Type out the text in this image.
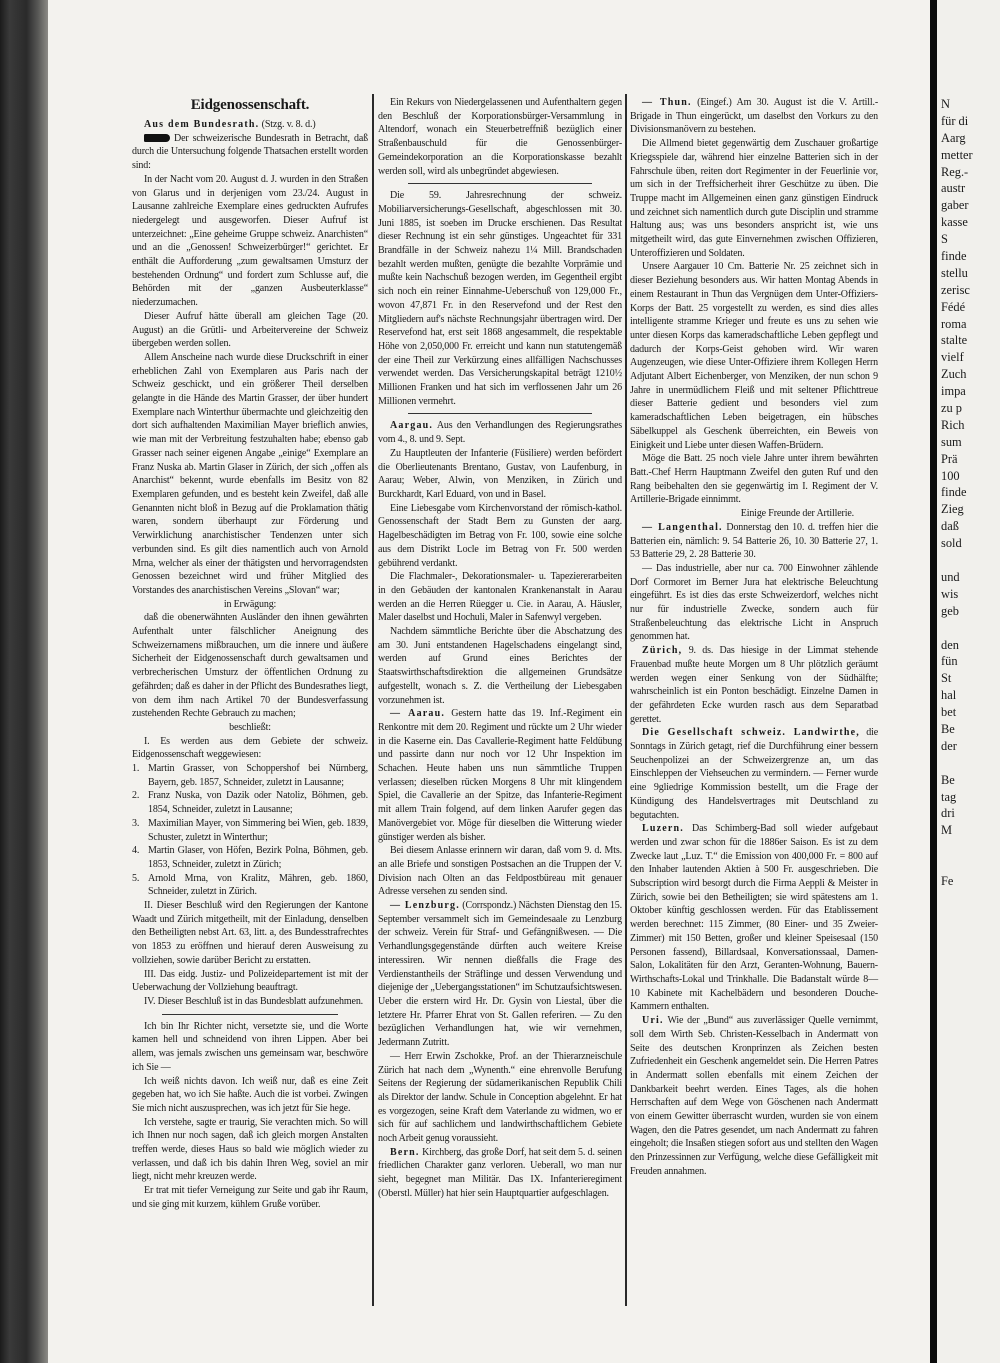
Eidgenossenschaft.

Aus dem Bundesrath. (Stzg. v. 8. d.)

Der schweizerische Bundesrath in Betracht, daß durch die Untersuchung folgende Thatsachen erstellt worden sind:

In der Nacht vom 20. August d. J. wurden in den Straßen von Glarus und in derjenigen vom 23./24. August in Lausanne zahlreiche Exemplare eines gedruckten Aufrufes niedergelegt und ausgeworfen. Dieser Aufruf ist unterzeichnet: „Eine geheime Gruppe schweiz. Anarchisten“ und an die „Genossen! Schweizerbürger!“ gerichtet. Er enthält die Aufforderung „zum gewaltsamen Umsturz der bestehenden Ordnung“ und fordert zum Schlusse auf, die Behörden mit der „ganzen Ausbeuterklasse“ niederzumachen.

Dieser Aufruf hätte überall am gleichen Tage (20. August) an die Grütli- und Arbeitervereine der Schweiz übergeben werden sollen.

Allem Anscheine nach wurde diese Druckschrift in einer erheblichen Zahl von Exemplaren aus Paris nach der Schweiz geschickt, und ein größerer Theil derselben gelangte in die Hände des Martin Grasser, der über hundert Exemplare nach Winterthur übermachte und gleichzeitig den dort sich aufhaltenden Maximilian Mayer brieflich anwies, wie man mit der Verbreitung festzuhalten habe; ebenso gab Grasser nach seiner eigenen Angabe „einige“ Exemplare an Franz Nuska ab. Martin Glaser in Zürich, der sich „offen als Anarchist“ bekennt, wurde ebenfalls im Besitz von 82 Exemplaren gefunden, und es besteht kein Zweifel, daß alle Genannten nicht bloß in Bezug auf die Proklamation thätig waren, sondern überhaupt zur Förderung und Verwirklichung anarchistischer Tendenzen unter sich verbunden sind. Es gilt dies namentlich auch von Arnold Mrna, welcher als einer der thätigsten und hervorragendsten Genossen bezeichnet wird und früher Mitglied des Vorstandes des anarchistischen Vereins „Slovan“ war;

in Erwägung:

daß die obenerwähnten Ausländer den ihnen gewährten Aufenthalt unter fälschlicher Aneignung des Schweizernamens mißbrauchen, um die innere und äußere Sicherheit der Eidgenossenschaft durch gewaltsamen und verbrecherischen Umsturz der öffentlichen Ordnung zu gefährden; daß es daher in der Pflicht des Bundesrathes liegt, von dem ihm nach Artikel 70 der Bundesverfassung zustehenden Rechte Gebrauch zu machen;

beschließt:

I. Es werden aus dem Gebiete der schweiz. Eidgenossenschaft weggewiesen:

1. Martin Grasser, von Schoppershof bei Nürnberg, Bayern, geb. 1857, Schneider, zuletzt in Lausanne;

2. Franz Nuska, von Dazik oder Natoliz, Böhmen, geb. 1854, Schneider, zuletzt in Lausanne;

3. Maximilian Mayer, von Simmering bei Wien, geb. 1839, Schuster, zuletzt in Winterthur;

4. Martin Glaser, von Höfen, Bezirk Polna, Böhmen, geb. 1853, Schneider, zuletzt in Zürich;

5. Arnold Mrna, von Kralitz, Mähren, geb. 1860, Schneider, zuletzt in Zürich.

II. Dieser Beschluß wird den Regierungen der Kantone Waadt und Zürich mitgetheilt, mit der Einladung, denselben den Betheiligten nebst Art. 63, litt. a, des Bundesstrafrechtes von 1853 zu eröffnen und hierauf deren Ausweisung zu vollziehen, sowie darüber Bericht zu erstatten.

III. Das eidg. Justiz- und Polizeidepartement ist mit der Ueberwachung der Vollziehung beauftragt.

IV. Dieser Beschluß ist in das Bundesblatt aufzunehmen.

Ich bin Ihr Richter nicht, versetzte sie, und die Worte kamen hell und schneidend von ihren Lippen. Aber bei allem, was jemals zwischen uns gemeinsam war, beschwöre ich Sie —

Ich weiß nichts davon. Ich weiß nur, daß es eine Zeit gegeben hat, wo ich Sie haßte. Auch die ist vorbei. Zwingen Sie mich nicht auszusprechen, was ich jetzt für Sie hege.

Ich verstehe, sagte er traurig, Sie verachten mich. So will ich Ihnen nur noch sagen, daß ich gleich morgen Anstalten treffen werde, dieses Haus so bald wie möglich wieder zu verlassen, und daß ich bis dahin Ihren Weg, soviel an mir liegt, nicht mehr kreuzen werde.

Er trat mit tiefer Verneigung zur Seite und gab ihr Raum, und sie ging mit kurzem, kühlem Gruße vorüber.

Ein Rekurs von Niedergelassenen und Aufenthaltern gegen den Beschluß der Korporationsbürger-Versammlung in Altendorf, wonach ein Steuerbetreffniß bezüglich einer Straßenbauschuld für die Genossenbürger-Gemeindekorporation an die Korporationskasse bezahlt werden soll, wird als unbegründet abgewiesen.

Die 59. Jahresrechnung der schweiz. Mobiliarversicherungs-Gesellschaft, abgeschlossen mit 30. Juni 1885, ist soeben im Drucke erschienen. Das Resultat dieser Rechnung ist ein sehr günstiges. Ungeachtet für 331 Brandfälle in der Schweiz nahezu 1¼ Mill. Brandschaden bezahlt werden mußten, genügte die bezahlte Vorprämie und mußte kein Nachschuß bezogen werden, im Gegentheil ergibt sich noch ein reiner Einnahme-Ueberschuß von 129,000 Fr., wovon 47,871 Fr. in den Reservefond und der Rest den Mitgliedern auf's nächste Rechnungsjahr übertragen wird. Der Reservefond hat, erst seit 1868 angesammelt, die respektable Höhe von 2,050,000 Fr. erreicht und kann nun statutengemäß der eine Theil zur Verkürzung eines allfälligen Nachschusses verwendet werden. Das Versicherungskapital beträgt 1210½ Millionen Franken und hat sich im verflossenen Jahr um 26 Millionen vermehrt.

Aargau. Aus den Verhandlungen des Regierungsrathes vom 4., 8. und 9. Sept.

Zu Hauptleuten der Infanterie (Füsiliere) werden befördert die Oberlieutenants Brentano, Gustav, von Laufenburg, in Aarau; Weber, Alwin, von Menziken, in Zürich und Burckhardt, Karl Eduard, von und in Basel.

Eine Liebesgabe vom Kirchenvorstand der römisch-kathol. Genossenschaft der Stadt Bern zu Gunsten der aarg. Hagelbeschädigten im Betrag von Fr. 100, sowie eine solche aus dem Distrikt Locle im Betrag von Fr. 500 werden gebührend verdankt.

Die Flachmaler-, Dekorationsmaler- u. Tapeziererarbeiten in den Gebäuden der kantonalen Krankenanstalt in Aarau werden an die Herren Rüegger u. Cie. in Aarau, A. Häusler, Maler daselbst und Hochuli, Maler in Safenwyl vergeben.

Nachdem sämmtliche Berichte über die Abschatzung des am 30. Juni entstandenen Hagelschadens eingelangt sind, werden auf Grund eines Berichtes der Staatswirthschaftsdirektion die allgemeinen Grundsätze aufgestellt, wonach s. Z. die Vertheilung der Liebesgaben vorzunehmen ist.

— Aarau. Gestern hatte das 19. Inf.-Regiment ein Renkontre mit dem 20. Regiment und rückte um 2 Uhr wieder in die Kaserne ein. Das Cavallerie-Regiment hatte Feldübung und passirte dann nur noch vor 12 Uhr Inspektion im Schachen. Heute haben uns nun sämmtliche Truppen verlassen; dieselben rücken Morgens 8 Uhr mit klingendem Spiel, die Cavallerie an der Spitze, das Infanterie-Regiment mit allem Train folgend, auf dem linken Aarufer gegen das Manövergebiet vor. Möge für dieselben die Witterung wieder günstiger werden als bisher.

Bei diesem Anlasse erinnern wir daran, daß vom 9. d. Mts. an alle Briefe und sonstigen Postsachen an die Truppen der V. Division nach Olten an das Feldpostbüreau mit genauer Adresse versehen zu senden sind.

— Lenzburg. (Corrspondz.) Nächsten Dienstag den 15. September versammelt sich im Gemeindesaale zu Lenzburg der schweiz. Verein für Straf- und Gefängnißwesen. — Die Verhandlungsgegenstände dürften auch weitere Kreise interessiren. Wir nennen dießfalls die Frage des Verdienstantheils der Sträflinge und dessen Verwendung und diejenige der „Uebergangsstationen“ im Schutzaufsichtswesen. Ueber die erstern wird Hr. Dr. Gysin von Liestal, über die letztere Hr. Pfarrer Ehrat von St. Gallen referiren. — Zu den bezüglichen Verhandlungen hat, wie wir vernehmen, Jedermann Zutritt.

— Herr Erwin Zschokke, Prof. an der Thierarzneischule Zürich hat nach dem „Wynenth.“ eine ehrenvolle Berufung Seitens der Regierung der südamerikanischen Republik Chili als Direktor der landw. Schule in Conception abgelehnt. Er hat es vorgezogen, seine Kraft dem Vaterlande zu widmen, wo er sich für auf sachlichem und landwirthschaftlichem Gebiete noch Arbeit genug voraussieht.

Bern. Kirchberg, das große Dorf, hat seit dem 5. d. seinen friedlichen Charakter ganz verloren. Ueberall, wo man nur sieht, begegnet man Militär. Das IX. Infanterieregiment (Oberstl. Müller) hat hier sein Hauptquartier aufgeschlagen.

— Thun. (Eingef.) Am 30. August ist die V. Artill.-Brigade in Thun eingerückt, um daselbst den Vorkurs zu den Divisionsmanövern zu bestehen.

Die Allmend bietet gegenwärtig dem Zuschauer großartige Kriegsspiele dar, während hier einzelne Batterien sich in der Fahrschule üben, reiten dort Regimenter in der Feuerlinie vor, um sich in der Treffsicherheit ihrer Geschütze zu üben. Die Truppe macht im Allgemeinen einen ganz günstigen Eindruck und zeichnet sich namentlich durch gute Disciplin und stramme Haltung aus; was uns besonders anspricht ist, wie uns mitgetheilt wird, das gute Einvernehmen zwischen Offizieren, Unteroffizieren und Soldaten.

Unsere Aargauer 10 Cm. Batterie Nr. 25 zeichnet sich in dieser Beziehung besonders aus. Wir hatten Montag Abends in einem Restaurant in Thun das Vergnügen dem Unter-Offiziers-Korps der Batt. 25 vorgestellt zu werden, es sind dies alles intelligente stramme Krieger und freute es uns zu sehen wie unter diesen Korps das kameradschaftliche Leben gepflegt und dadurch der Korps-Geist gehoben wird. Wir waren Augenzeugen, wie diese Unter-Offiziere ihrem Kollegen Herrn Adjutant Albert Eichenberger, von Menziken, der nun schon 9 Jahre in unermüdlichem Fleiß und mit seltener Pflichttreue dieser Batterie gedient und besonders viel zum kameradschaftlichen Leben beigetragen, ein hübsches Säbelkuppel als Geschenk überreichten, ein Beweis von Einigkeit und Liebe unter diesen Waffen-Brüdern.

Möge die Batt. 25 noch viele Jahre unter ihrem bewährten Batt.-Chef Herrn Hauptmann Zweifel den guten Ruf und den Rang beibehalten den sie gegenwärtig im I. Regiment der V. Artillerie-Brigade einnimmt.

Einige Freunde der Artillerie.

— Langenthal. Donnerstag den 10. d. treffen hier die Batterien ein, nämlich: 9. 54 Batterie 26, 10. 30 Batterie 27, 1. 53 Batterie 29, 2. 28 Batterie 30.

— Das industrielle, aber nur ca. 700 Einwohner zählende Dorf Cormoret im Berner Jura hat elektrische Beleuchtung eingeführt. Es ist dies das erste Schweizerdorf, welches nicht nur für industrielle Zwecke, sondern auch für Straßenbeleuchtung das elektrische Licht in Anspruch genommen hat.

Zürich, 9. ds. Das hiesige in der Limmat stehende Frauenbad mußte heute Morgen um 8 Uhr plötzlich geräumt werden wegen einer Senkung von der Südhälfte; wahrscheinlich ist ein Ponton beschädigt. Einzelne Damen in der gefährdeten Ecke wurden rasch aus dem Separatbad gerettet.

Die Gesellschaft schweiz. Landwirthe, die Sonntags in Zürich getagt, rief die Durchführung einer bessern Seuchenpolizei an der Schweizergrenze an, um das Einschleppen der Viehseuchen zu vermindern. — Ferner wurde eine 9gliedrige Kommission bestellt, um die Frage der Kündigung des Handelsvertrages mit Deutschland zu begutachten.

Luzern. Das Schimberg-Bad soll wieder aufgebaut werden und zwar schon für die 1886er Saison. Es ist zu dem Zwecke laut „Luz. T.“ die Emission von 400,000 Fr. = 800 auf den Inhaber lautenden Aktien à 500 Fr. ausgeschrieben. Die Subscription wird besorgt durch die Firma Aeppli & Meister in Zürich, sowie bei den Betheiligten; sie wird spätestens am 1. Oktober künftig geschlossen werden. Für das Etablissement werden berechnet: 115 Zimmer, (80 Einer- und 35 Zweier-Zimmer) mit 150 Betten, großer und kleiner Speisesaal (150 Personen fassend), Billardsaal, Konversationssaal, Damen-Salon, Lokalitäten für den Arzt, Geranten-Wohnung, Bauern-Wirthschafts-Lokal und Trinkhalle. Die Badanstalt würde 8—10 Kabinete mit Kachelbädern und besonderen Douche-Kammern enthalten.

Uri. Wie der „Bund“ aus zuverlässiger Quelle vernimmt, soll dem Wirth Seb. Christen-Kesselbach in Andermatt von Seite des deutschen Kronprinzen als Zeichen besten Zufriedenheit ein Geschenk angemeldet sein. Die Herren Patres in Andermatt sollen ebenfalls mit einem Zeichen der Dankbarkeit beehrt werden. Eines Tages, als die hohen Herrschaften auf dem Wege von Göschenen nach Andermatt von einem Gewitter überrascht wurden, wurden sie von einem Wagen, den die Patres gesendet, um nach Andermatt zu fahren eingeholt; die Insaßen stiegen sofort aus und stellten den Wagen den Prinzessinnen zur Verfügung, welche diese Gefälligkeit mit Freuden annahmen.

N
für di
Aarg
metter
Reg.-
austr
gaber
kasse
S
finde
stellu
zerisc
Fédé
roma
stalte
vielf
Zuch
impa
zu p
Rich
sum
Prä
100
finde
Zieg
daß
sold
und
wis
geb
den
fün
St
hal
bet
Be
der
Be
tag
dri
M
Fe
